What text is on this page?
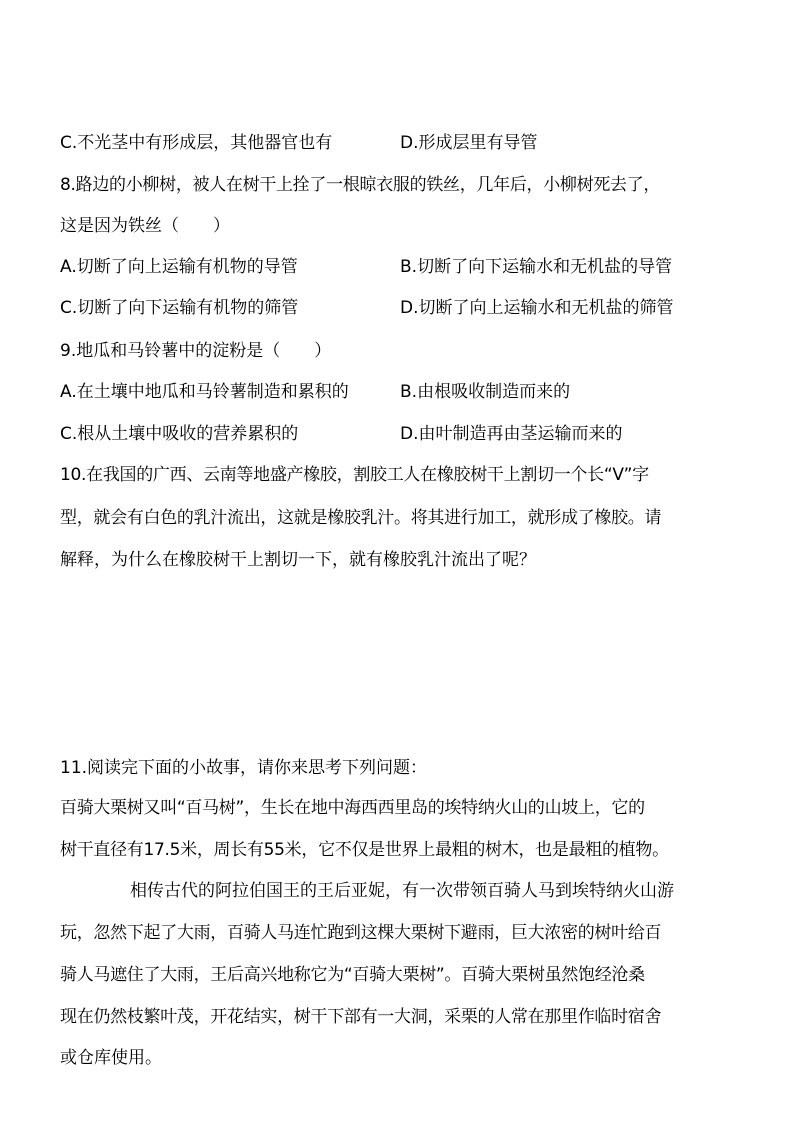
C.不光茎中有形成层，其他器官也有	D.形成层里有导管
8.路边的小柳树，被人在树干上拴了一根晾衣服的铁丝，几年后，小柳树死去了，
这是因为铁丝（　　）
A.切断了向上运输有机物的导管	B.切断了向下运输水和无机盐的导管
C.切断了向下运输有机物的筛管	D.切断了向上运输水和无机盐的筛管
9.地瓜和马铃薯中的淀粉是（　　）
A.在土壤中地瓜和马铃薯制造和累积的	B.由根吸收制造而来的
C.根从土壤中吸收的营养累积的	D.由叶制造再由茎运输而来的
10.在我国的广西、云南等地盛产橡胶，割胶工人在橡胶树干上割切一个长“V”字
型，就会有白色的乳汁流出，这就是橡胶乳汁。将其进行加工，就形成了橡胶。请
解释，为什么在橡胶树干上割切一下，就有橡胶乳汁流出了呢？
11.阅读完下面的小故事，请你来思考下列问题：
百骑大栗树又叫“百马树”，生长在地中海西西里岛的埃特纳火山的山坡上，它的
树干直径有17.5米，周长有55米，它不仅是世界上最粗的树木，也是最粗的植物。
相传古代的阿拉伯国王的王后亚妮，有一次带领百骑人马到埃特纳火山游
玩，忽然下起了大雨，百骑人马连忙跑到这棵大栗树下避雨，巨大浓密的树叶给百
骑人马遮住了大雨，王后高兴地称它为“百骑大栗树”。百骑大栗树虽然饱经沧桑
现在仍然枝繁叶茂，开花结实，树干下部有一大洞，采栗的人常在那里作临时宿舍
或仓库使用。
